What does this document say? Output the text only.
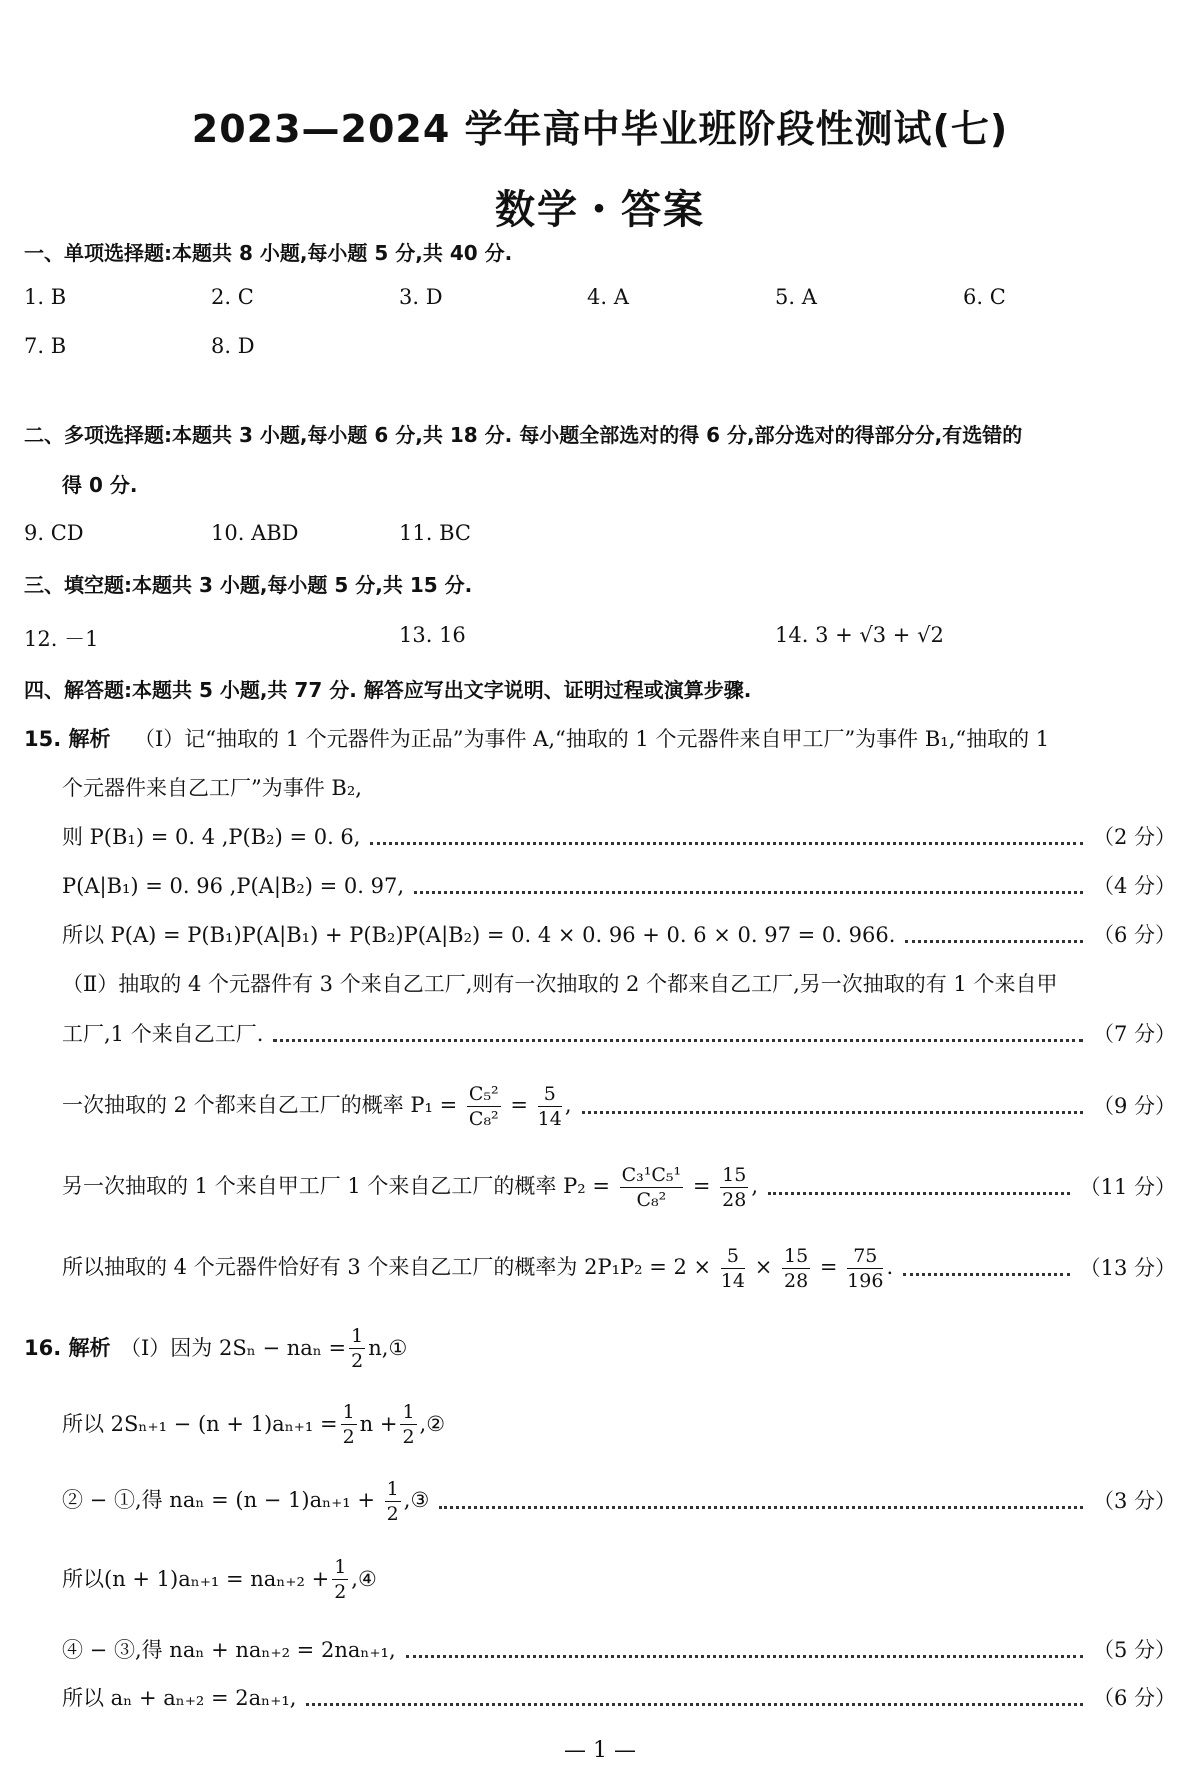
2023—2024 学年高中毕业班阶段性测试(七)
数学・答案
一、单项选择题:本题共 8 小题,每小题 5 分,共 40 分.
1. B	2. C	3. D	4. A	5. A	6. C
7. B	8. D
二、多项选择题:本题共 3 小题,每小题 6 分,共 18 分. 每小题全部选对的得 6 分,部分选对的得部分分,有选错的
得 0 分.
9. CD	10. ABD	11. BC
三、填空题:本题共 3 小题,每小题 5 分,共 15 分.
12. －1	13. 16	14. 3 + √3 + √2
四、解答题:本题共 5 小题,共 77 分. 解答应写出文字说明、证明过程或演算步骤.
15. 解析 （Ⅰ）记“抽取的 1 个元器件为正品”为事件 A,“抽取的 1 个元器件来自甲工厂”为事件 B₁,“抽取的 1
个元器件来自乙工厂”为事件 B₂,
则 P(B₁) = 0. 4 ,P(B₂) = 0. 6,	（2 分）
P(A|B₁) = 0. 96 ,P(A|B₂) = 0. 97,	（4 分）
所以 P(A) = P(B₁)P(A|B₁) + P(B₂)P(A|B₂) = 0. 4 × 0. 96 + 0. 6 × 0. 97 = 0. 966.	（6 分）
（Ⅱ）抽取的 4 个元器件有 3 个来自乙工厂,则有一次抽取的 2 个都来自乙工厂,另一次抽取的有 1 个来自甲
工厂,1 个来自乙工厂.	（7 分）
一次抽取的 2 个都来自乙工厂的概率 $P_1 = \frac{\text{C₅²}}{\text{C₈²}} = \frac{5}{14}$ ,	（9 分）
另一次抽取的 1 个来自甲工厂 1 个来自乙工厂的概率 $P_2 = \frac{\text{C₃¹C₅¹}}{\text{C₈²}} = \frac{15}{28}$ ,	（11 分）
所以抽取的 4 个元器件恰好有 3 个来自乙工厂的概率为 $2P_1P_2 = 2 \times \frac{5}{14} \times \frac{15}{28} = \frac{75}{196}$ .	（13 分）
16. 解析 （Ⅰ）因为 $2S_n - na_n = \frac{1}{2}$ n,①
所以 $2S_{n+1} - (n + 1)a_{n+1} = \frac{1}{2}$ $n + \frac{1}{2}$ ,②
② − ①,得 $na_n = (n - 1)a_{n+1} + \frac{1}{2}$ ,③	（3 分）
所以$(n + 1)a_{n+1} = na_{n+2} + \frac{1}{2}$ ,④
④ − ③,得 naₙ + naₙ₊₂ = 2naₙ₊₁,	（5 分）
所以 aₙ + aₙ₊₂ = 2aₙ₊₁,	（6 分）
— 1 —
